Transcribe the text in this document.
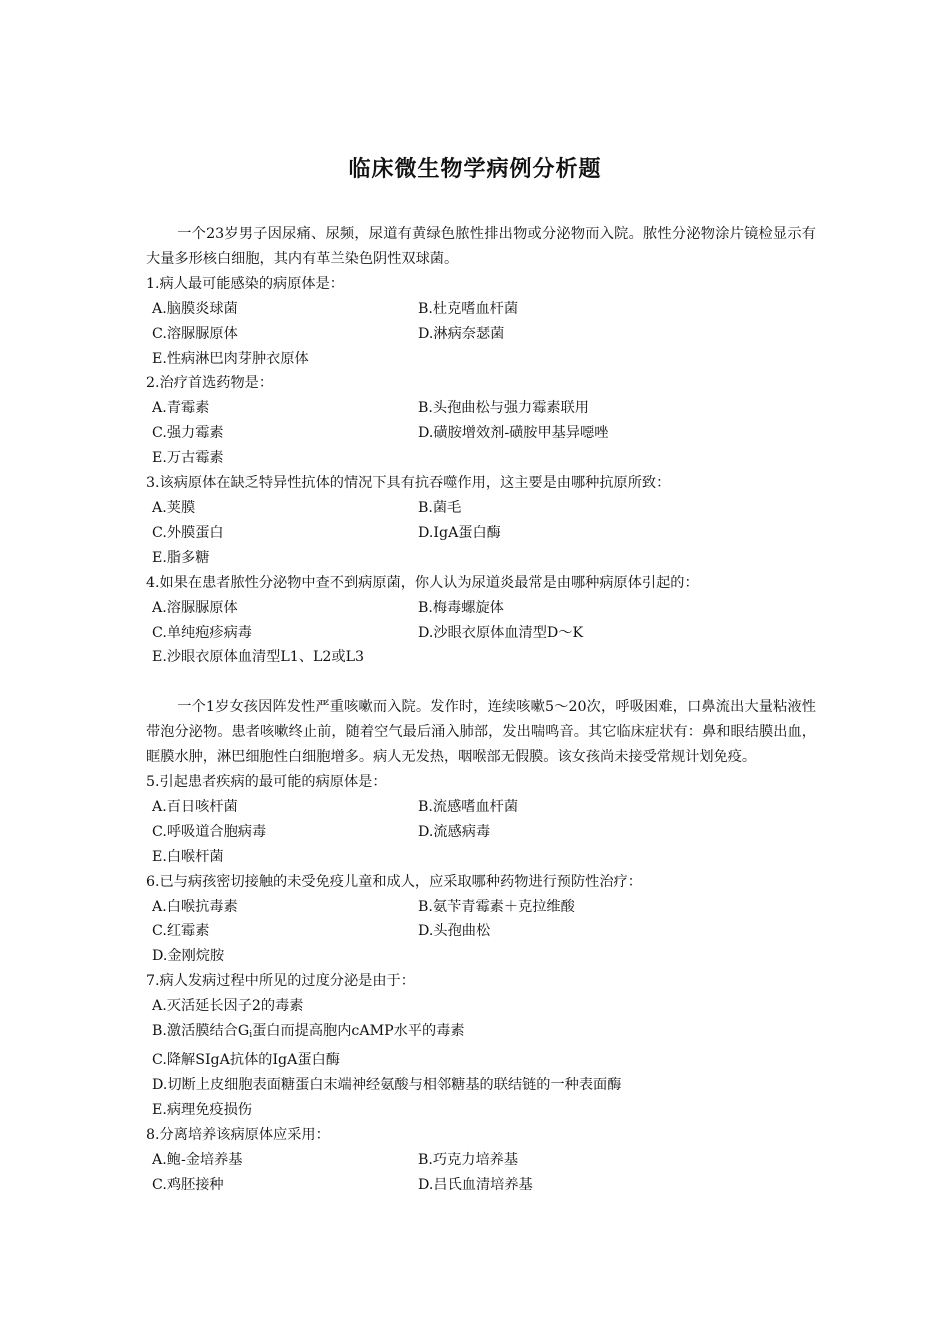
临床微生物学病例分析题

一个23岁男子因尿痛、尿频，尿道有黄绿色脓性排出物或分泌物而入院。脓性分泌物涂片镜检显示有大量多形核白细胞，其内有革兰染色阴性双球菌。

1.病人最可能感染的病原体是：

A.脑膜炎球菌	B.杜克嗜血杆菌
C.溶脲脲原体	D.淋病奈瑟菌
E.性病淋巴肉芽肿衣原体

2.治疗首选药物是：

A.青霉素	B.头孢曲松与强力霉素联用
C.强力霉素	D.磺胺增效剂-磺胺甲基异噁唑
E.万古霉素

3.该病原体在缺乏特异性抗体的情况下具有抗吞噬作用，这主要是由哪种抗原所致：

A.荚膜	B.菌毛
C.外膜蛋白	D.IgA蛋白酶
E.脂多糖

4.如果在患者脓性分泌物中查不到病原菌，你人认为尿道炎最常是由哪种病原体引起的：

A.溶脲脲原体	B.梅毒螺旋体
C.单纯疱疹病毒	D.沙眼衣原体血清型D～K
E.沙眼衣原体血清型L1、L2或L3

一个1岁女孩因阵发性严重咳嗽而入院。发作时，连续咳嗽5～20次，呼吸困难，口鼻流出大量粘液性带泡分泌物。患者咳嗽终止前，随着空气最后涌入肺部，发出喘鸣音。其它临床症状有：鼻和眼结膜出血，眶膜水肿，淋巴细胞性白细胞增多。病人无发热，咽喉部无假膜。该女孩尚未接受常规计划免疫。

5.引起患者疾病的最可能的病原体是：

A.百日咳杆菌	B.流感嗜血杆菌
C.呼吸道合胞病毒	D.流感病毒
E.白喉杆菌

6.已与病孩密切接触的未受免疫儿童和成人，应采取哪种药物进行预防性治疗：

A.白喉抗毒素	B.氨苄青霉素＋克拉维酸
C.红霉素	D.头孢曲松
D.金刚烷胺

7.病人发病过程中所见的过度分泌是由于：

A.灭活延长因子2的毒素
B.激活膜结合$G_i$蛋白而提高胞内cAMP水平的毒素
C.降解SIgA抗体的IgA蛋白酶
D.切断上皮细胞表面糖蛋白末端神经氨酸与相邻糖基的联结链的一种表面酶
E.病理免疫损伤

8.分离培养该病原体应采用：

A.鲍-金培养基	B.巧克力培养基
C.鸡胚接种	D.吕氏血清培养基
